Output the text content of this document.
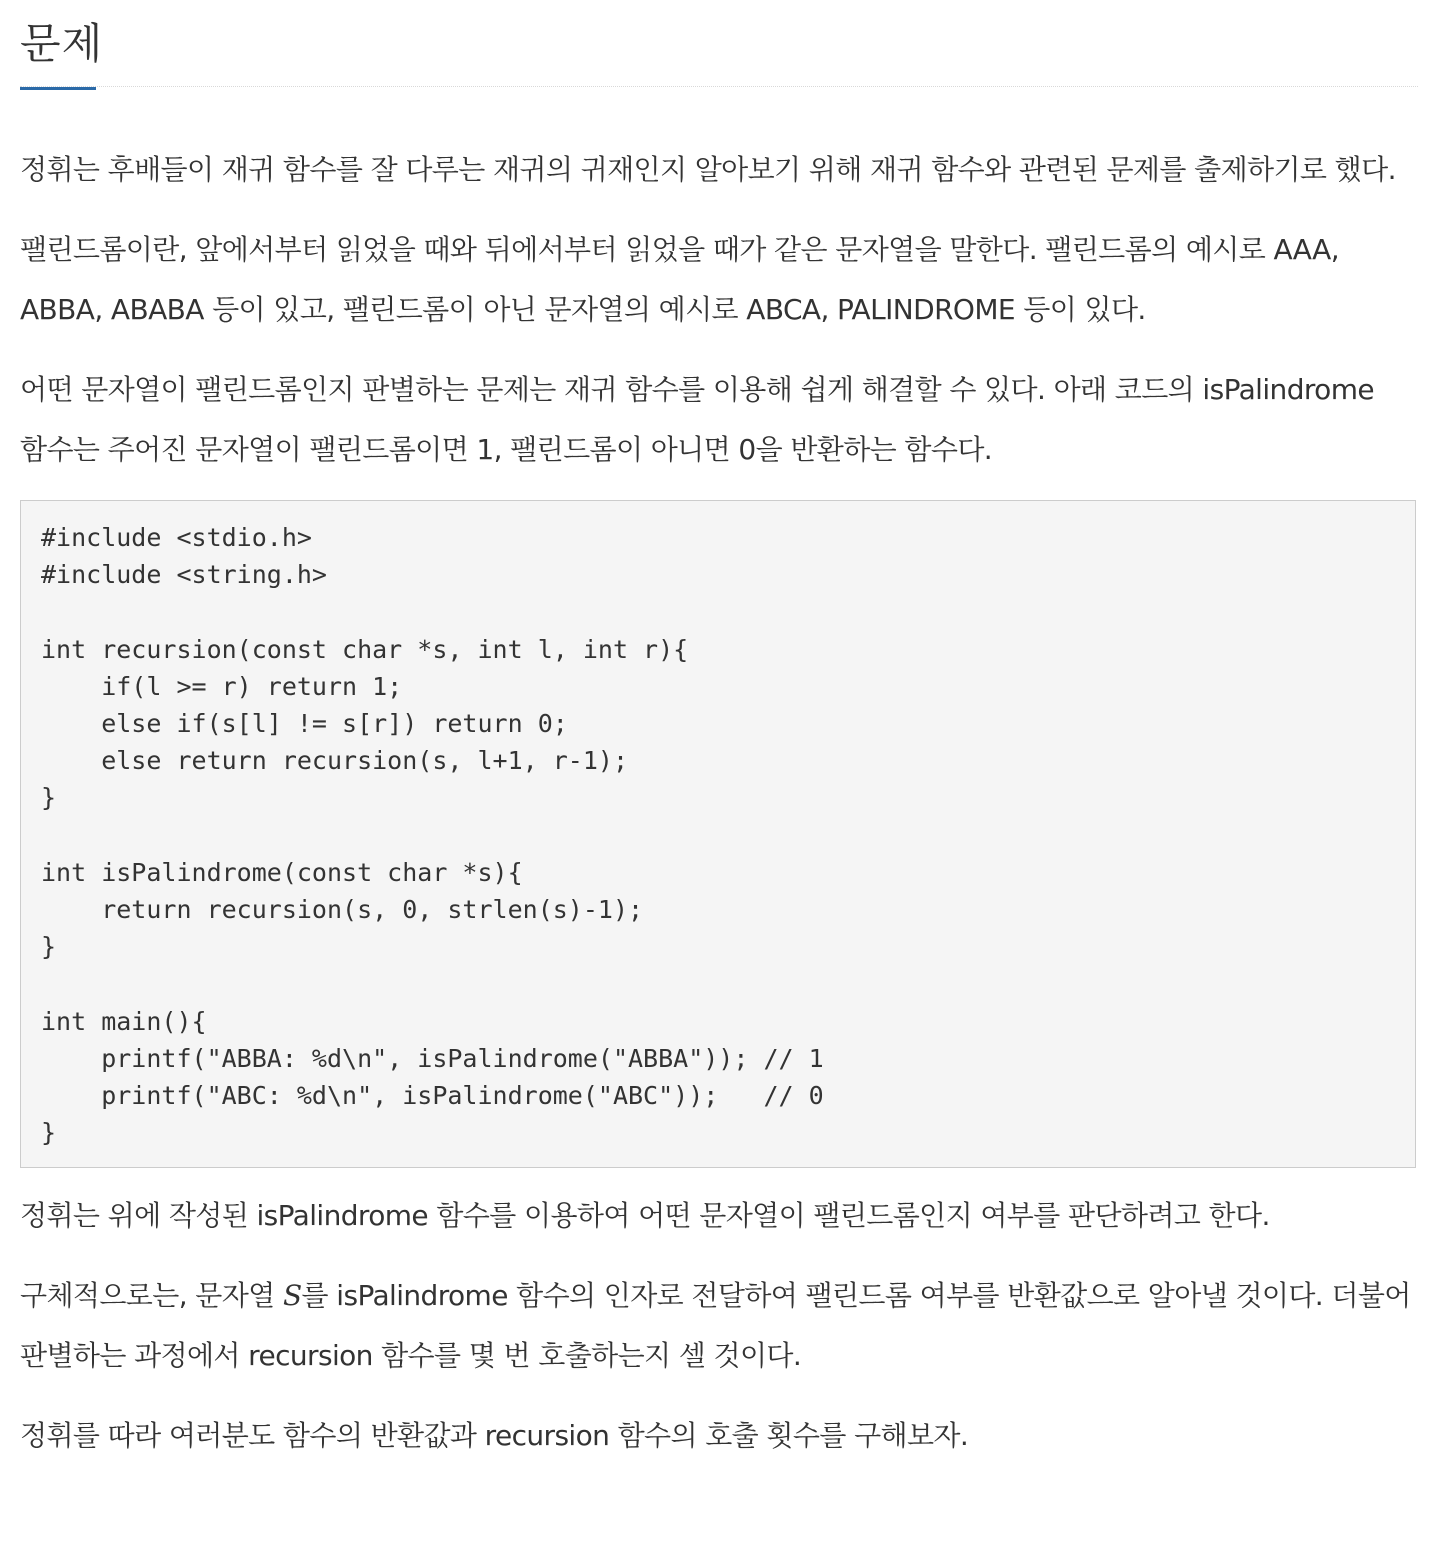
문제

정휘는 후배들이 재귀 함수를 잘 다루는 재귀의 귀재인지 알아보기 위해 재귀 함수와 관련된 문제를 출제하기로 했다.

팰린드롬이란, 앞에서부터 읽었을 때와 뒤에서부터 읽었을 때가 같은 문자열을 말한다. 팰린드롬의 예시로 AAA, ABBA, ABABA 등이 있고, 팰린드롬이 아닌 문자열의 예시로 ABCA, PALINDROME 등이 있다.

어떤 문자열이 팰린드롬인지 판별하는 문제는 재귀 함수를 이용해 쉽게 해결할 수 있다. 아래 코드의 isPalindrome 함수는 주어진 문자열이 팰린드롬이면 1, 팰린드롬이 아니면 0을 반환하는 함수다.

#include <stdio.h>
#include <string.h>

int recursion(const char *s, int l, int r){
if(l >= r) return 1;
else if(s[l] != s[r]) return 0;
else return recursion(s, l+1, r-1);
}

int isPalindrome(const char *s){
return recursion(s, 0, strlen(s)-1);
}

int main(){
printf("ABBA: %d\n", isPalindrome("ABBA")); // 1
printf("ABC: %d\n", isPalindrome("ABC"));   // 0
}

정휘는 위에 작성된 isPalindrome 함수를 이용하여 어떤 문자열이 팰린드롬인지 여부를 판단하려고 한다.

구체적으로는, 문자열 S를 isPalindrome 함수의 인자로 전달하여 팰린드롬 여부를 반환값으로 알아낼 것이다. 더불어 판별하는 과정에서 recursion 함수를 몇 번 호출하는지 셀 것이다.

정휘를 따라 여러분도 함수의 반환값과 recursion 함수의 호출 횟수를 구해보자.
